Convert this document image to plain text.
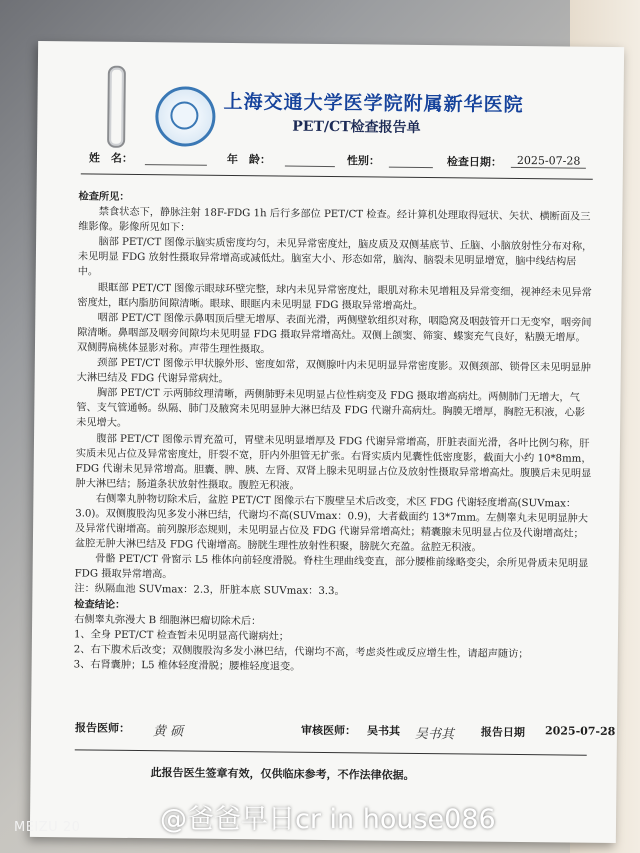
上海交通大学医学院附属新华医院
PET/CT检查报告单
姓　名：	年　龄：	性别：	检查日期：	2025-07-28

检查所见：

禁食状态下，静脉注射 18F-FDG 1h 后行多部位 PET/CT 检查。经计算机处理取得冠状、矢状、横断面及三维影像。影像所见如下：

脑部 PET/CT 图像示脑实质密度均匀，未见异常密度灶，脑皮质及双侧基底节、丘脑、小脑放射性分布对称，未见明显 FDG 放射性摄取异常增高或减低灶。脑室大小、形态如常，脑沟、脑裂未见明显增宽，脑中线结构居中。

眼眶部 PET/CT 图像示眼球环壁完整，球内未见异常密度灶，眼肌对称未见增粗及异常变细，视神经未见异常密度灶，眶内脂肪间隙清晰。眼球、眼眶内未见明显 FDG 摄取异常增高灶。

咽部 PET/CT 图像示鼻咽顶后壁无增厚、表面光滑，两侧壁软组织对称，咽隐窝及咽鼓管开口无变窄，咽旁间隙清晰。鼻咽部及咽旁间隙均未见明显 FDG 摄取异常增高灶。双侧上颌窦、筛窦、蝶窦充气良好，粘膜无增厚。双侧腭扁桃体显影对称。声带生理性摄取。

颈部 PET/CT 图像示甲状腺外形、密度如常，双侧腺叶内未见明显异常密度影。双侧颈部、锁骨区未见明显肿大淋巴结及 FDG 代谢异常病灶。

胸部 PET/CT 示两肺纹理清晰，两侧肺野未见明显占位性病变及 FDG 摄取增高病灶。两侧肺门无增大，气管、支气管通畅。纵隔、肺门及腋窝未见明显肿大淋巴结及 FDG 代谢升高病灶。胸膜无增厚，胸腔无积液，心影未见增大。

腹部 PET/CT 图像示胃充盈可，胃壁未见明显增厚及 FDG 代谢异常增高，肝脏表面光滑，各叶比例匀称，肝实质未见占位及异常密度灶，肝裂不宽，肝内外胆管无扩张。右肾实质内见囊性低密度影，截面大小约 10*8mm，FDG 代谢未见异常增高。胆囊、脾、胰、左肾、双肾上腺未见明显占位及放射性摄取异常增高灶。腹膜后未见明显肿大淋巴结；肠道条状放射性摄取。腹腔无积液。

右侧睾丸肿物切除术后，盆腔 PET/CT 图像示右下腹壁呈术后改变，术区 FDG 代谢轻度增高(SUVmax：3.0)。双侧腹股沟见多发小淋巴结，代谢均不高(SUVmax：0.9)，大者截面约 13*7mm。左侧睾丸未见明显肿大及异常代谢增高。前列腺形态规则，未见明显占位及 FDG 代谢异常增高灶；精囊腺未见明显占位及代谢增高灶；盆腔无肿大淋巴结及 FDG 代谢增高。膀胱生理性放射性积聚，膀胱欠充盈。盆腔无积液。

骨骼 PET/CT 骨窗示 L5 椎体向前轻度滑脱。脊柱生理曲线变直，部分腰椎前缘略变尖，余所见骨质未见明显 FDG 摄取异常增高。

注：纵隔血池 SUVmax：2.3，肝脏本底 SUVmax：3.3。

检查结论：

右侧睾丸弥漫大 B 细胞淋巴瘤切除术后：

1、全身 PET/CT 检查暂未见明显高代谢病灶；

2、右下腹术后改变；双侧腹股沟多发小淋巴结，代谢均不高，考虑炎性或反应增生性，请超声随访；

3、右肾囊肿；L5 椎体轻度滑脱；腰椎轻度退变。

报告医师： 黄 硕	审核医师： 吴书其 吴书其 报告日期 2025-07-28
此报告医生签章有效，仅供临床参考，不作法律依据。
MEIZU 20	@爸爸早日cr in house086
